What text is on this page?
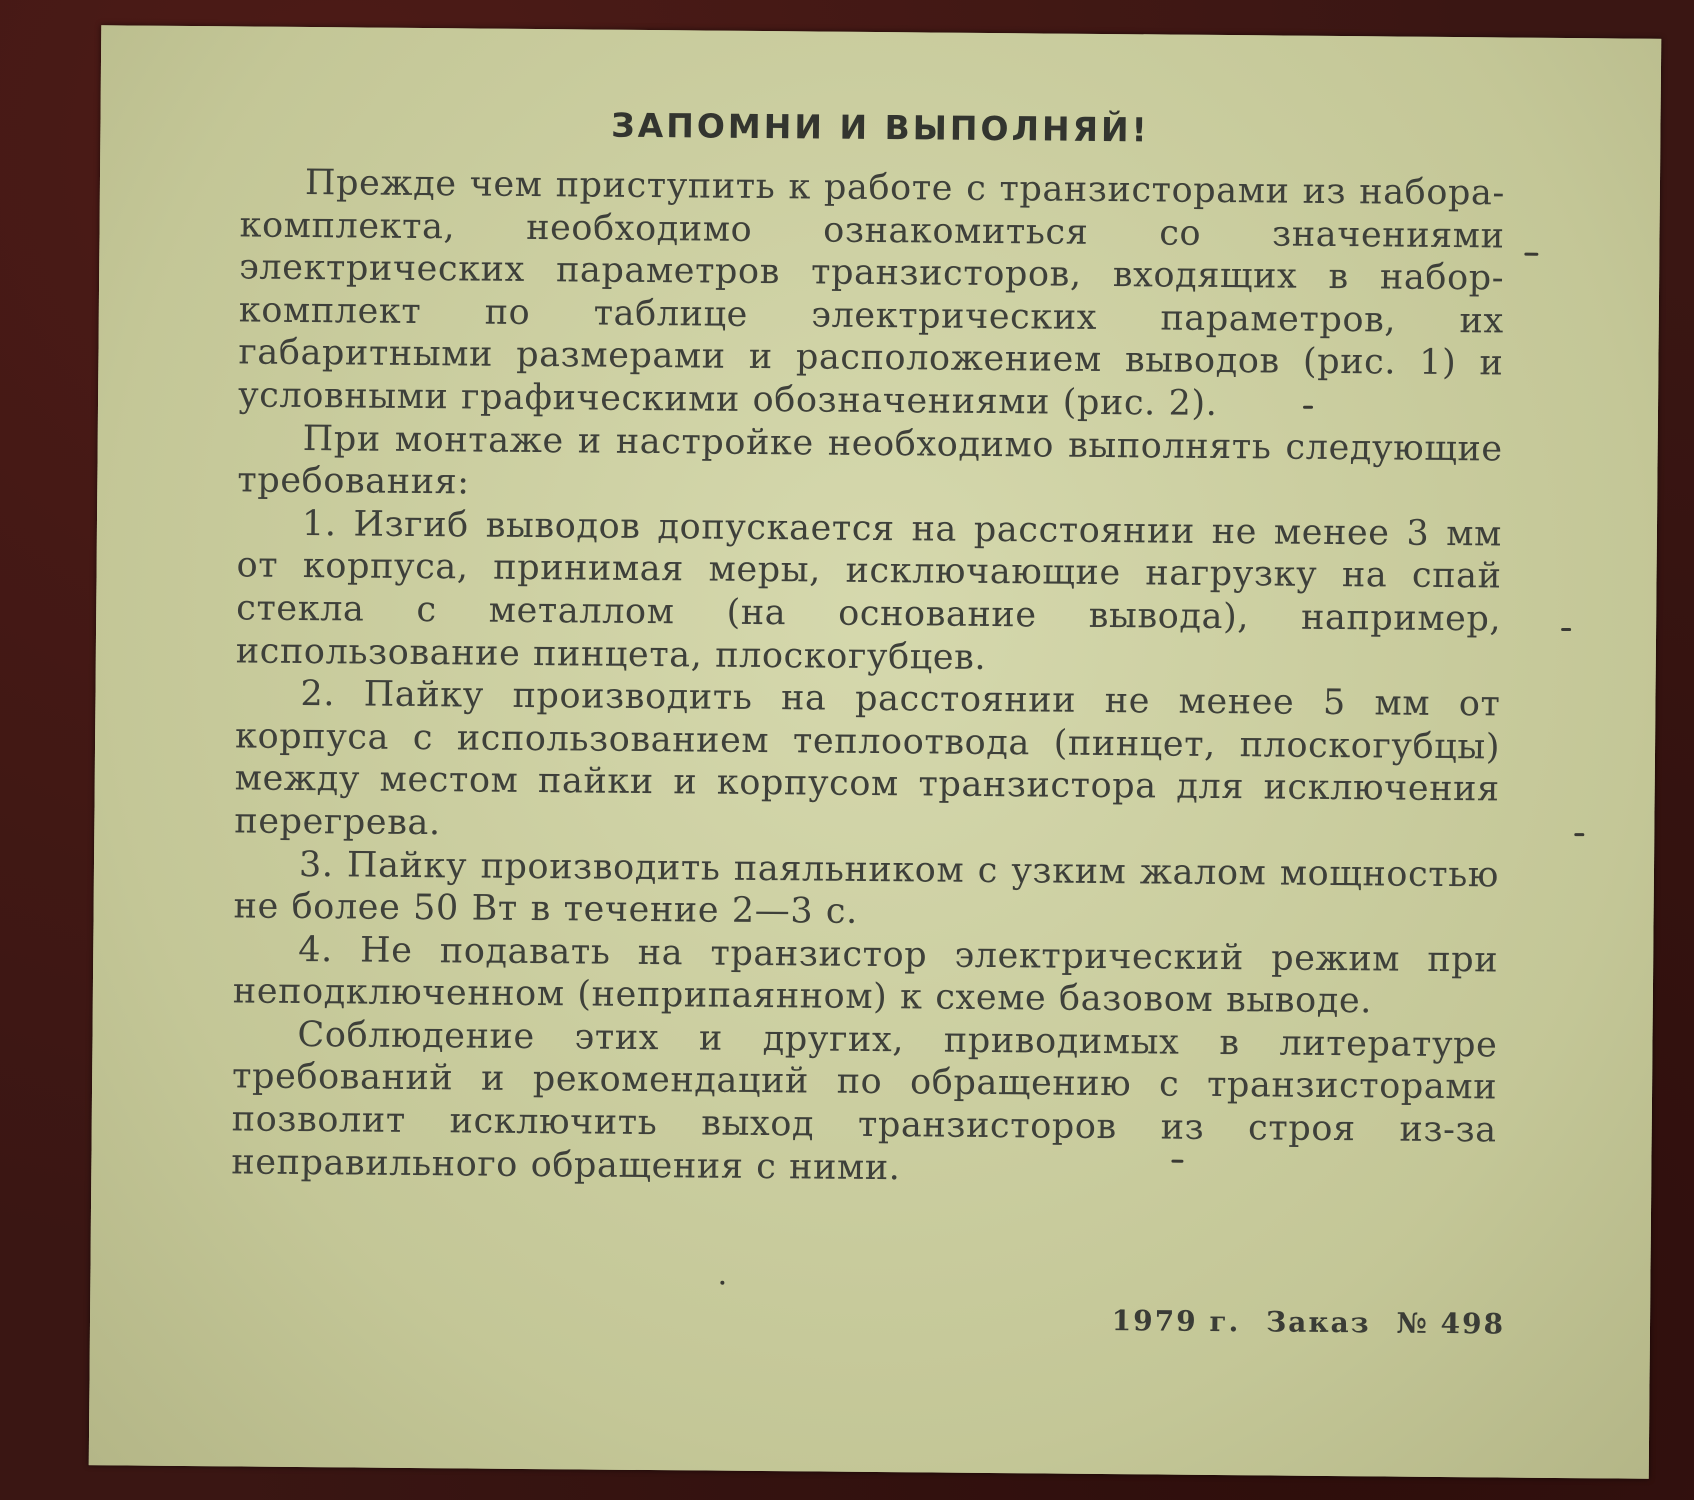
ЗАПОМНИ И ВЫПОЛНЯЙ!

Прежде чем приступить к работе с транзисторами из набора-комплекта, необходимо ознакомиться со значениями электрических параметров транзисторов, входящих в набор-комплект по таблице электрических параметров, их габаритными размерами и расположением выводов (рис. 1) и условными графическими обозначениями (рис. 2).

При монтаже и настройке необходимо выполнять следующие требования:

1. Изгиб выводов допускается на расстоянии не менее 3 мм от корпуса, принимая меры, исключающие нагрузку на спай стекла с металлом (на основание вывода), например, использование пинцета, плоскогубцев.

2. Пайку производить на расстоянии не менее 5 мм от корпуса с использованием теплоотвода (пинцет, плоскогубцы) между местом пайки и корпусом транзистора для исключения перегрева.

3. Пайку производить паяльником с узким жалом мощностью не более 50 Вт в течение 2—3 с.

4. Не подавать на транзистор электрический режим при неподключенном (неприпаянном) к схеме базовом выводе.

Соблюдение этих и других, приводимых в литературе требований и рекомендаций по обращению с транзисторами позволит исключить выход транзисторов из строя из-за неправильного обращения с ними.

1979 г. Заказ № 498
